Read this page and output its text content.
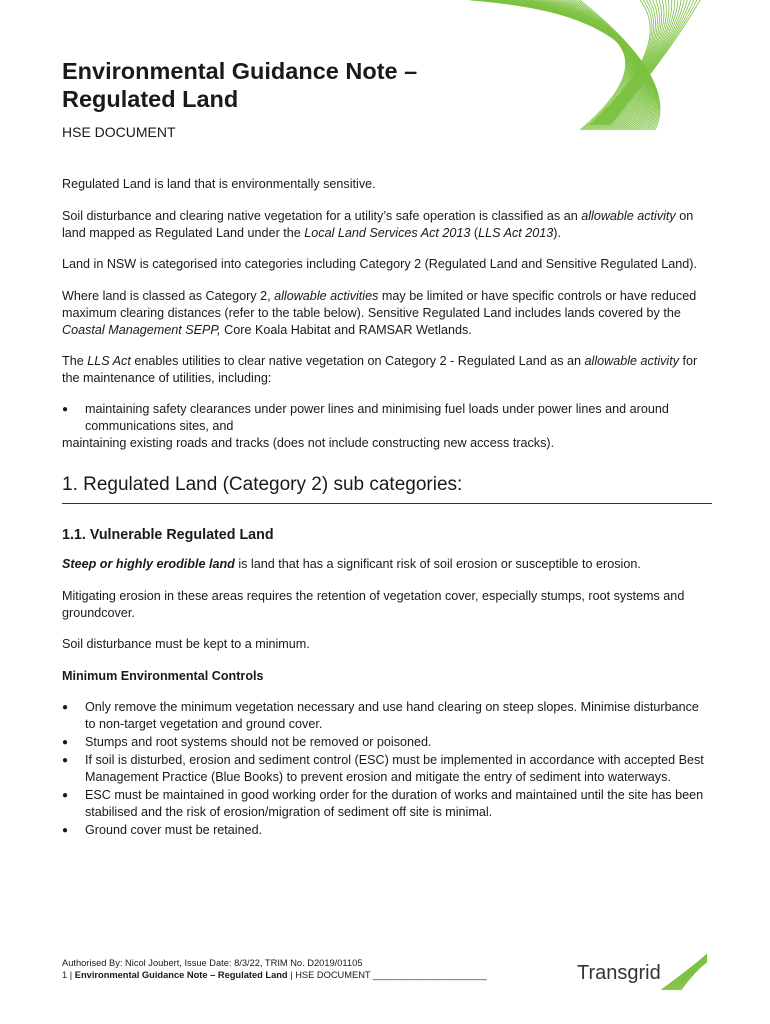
Environmental Guidance Note –
Regulated Land
HSE DOCUMENT

Regulated Land is land that is environmentally sensitive.

Soil disturbance and clearing native vegetation for a utility’s safe operation is classified as an allowable activity on land mapped as Regulated Land under the Local Land Services Act 2013 (LLS Act 2013).

Land in NSW is categorised into categories including Category 2 (Regulated Land and Sensitive Regulated Land).

Where land is classed as Category 2, allowable activities may be limited or have specific controls or have reduced maximum clearing distances (refer to the table below). Sensitive Regulated Land includes lands covered by the Coastal Management SEPP, Core Koala Habitat and RAMSAR Wetlands.

The LLS Act enables utilities to clear native vegetation on Category 2 - Regulated Land as an allowable activity for the maintenance of utilities, including:

●	maintaining safety clearances under power lines and minimising fuel loads under power lines and around communications sites, and
maintaining existing roads and tracks (does not include constructing new access tracks).
1. Regulated Land (Category 2) sub categories:
1.1. Vulnerable Regulated Land

Steep or highly erodible land is land that has a significant risk of soil erosion or susceptible to erosion.

Mitigating erosion in these areas requires the retention of vegetation cover, especially stumps, root systems and groundcover.

Soil disturbance must be kept to a minimum.

Minimum Environmental Controls
●	Only remove the minimum vegetation necessary and use hand clearing on steep slopes. Minimise disturbance to non-target vegetation and ground cover.
●	Stumps and root systems should not be removed or poisoned.
●	If soil is disturbed, erosion and sediment control (ESC) must be implemented in accordance with accepted Best Management Practice (Blue Books) to prevent erosion and mitigate the entry of sediment into waterways.
●	ESC must be maintained in good working order for the duration of works and maintained until the site has been stabilised and the risk of erosion/migration of sediment off site is minimal.
●	Ground cover must be retained.
Authorised By: Nicol Joubert, Issue Date: 8/3/22, TRIM No. D2019/01105
1 | Environmental Guidance Note – Regulated Land | HSE DOCUMENT ______________________	Transgrid
